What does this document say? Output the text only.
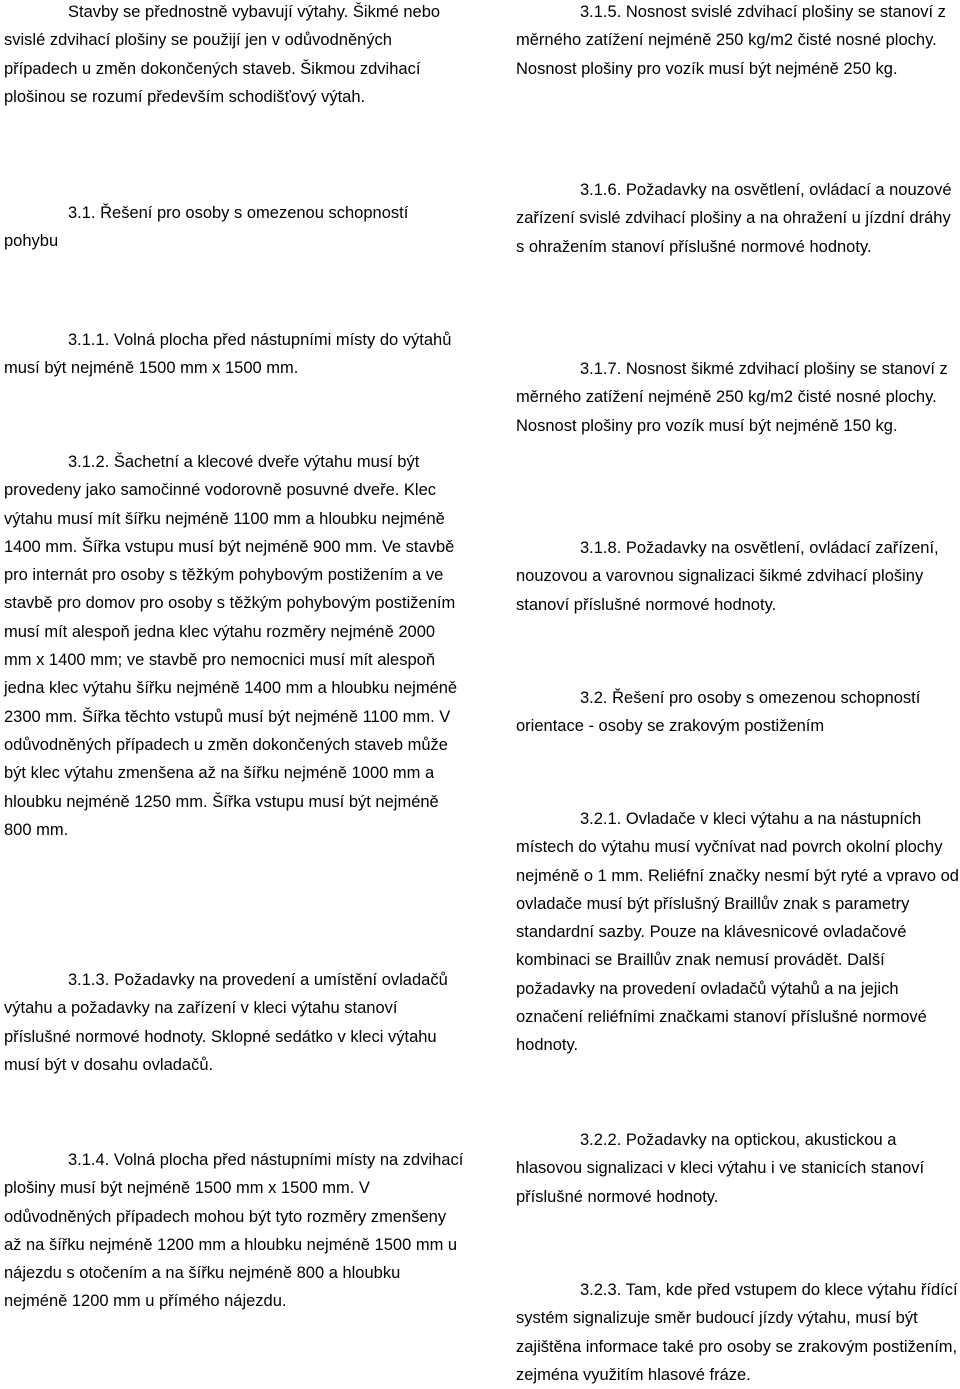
Stavby se přednostně vybavují výtahy. Šikmé nebo svislé zdvihací plošiny se použijí jen v odůvodněných případech u změn dokončených staveb. Šikmou zdvihací plošinou se rozumí především schodišťový výtah.

3.1. Řešení pro osoby s omezenou schopností
pohybu

3.1.1. Volná plocha před nástupními místy do výtahů musí být nejméně 1500 mm x 1500 mm.

3.1.2. Šachetní a klecové dveře výtahu musí být provedeny jako samočinné vodorovně posuvné dveře. Klec výtahu musí mít šířku nejméně 1100 mm a hloubku nejméně 1400 mm. Šířka vstupu musí být nejméně 900 mm. Ve stavbě pro internát pro osoby s těžkým pohybovým postižením a ve stavbě pro domov pro osoby s těžkým pohybovým postižením musí mít alespoň jedna klec výtahu rozměry nejméně 2000 mm x 1400 mm; ve stavbě pro nemocnici musí mít alespoň jedna klec výtahu šířku nejméně 1400 mm a hloubku nejméně 2300 mm. Šířka těchto vstupů musí být nejméně 1100 mm. V odůvodněných případech u změn dokončených staveb může být klec výtahu zmenšena až na šířku nejméně 1000 mm a hloubku nejméně 1250 mm. Šířka vstupu musí být nejméně 800 mm.

3.1.3. Požadavky na provedení a umístění ovladačů výtahu a požadavky na zařízení v kleci výtahu stanoví příslušné normové hodnoty. Sklopné sedátko v kleci výtahu musí být v dosahu ovladačů.

3.1.4. Volná plocha před nástupními místy na zdvihací plošiny musí být nejméně 1500 mm x 1500 mm. V odůvodněných případech mohou být tyto rozměry zmenšeny až na šířku nejméně 1200 mm a hloubku nejméně 1500 mm u nájezdu s otočením a na šířku nejméně 800 a hloubku nejméně 1200 mm u přímého nájezdu.

3.1.5. Nosnost svislé zdvihací plošiny se stanoví z měrného zatížení nejméně 250 kg/m2 čisté nosné plochy. Nosnost plošiny pro vozík musí být nejméně 250 kg.

3.1.6. Požadavky na osvětlení, ovládací a nouzové zařízení svislé zdvihací plošiny a na ohražení u jízdní dráhy s ohražením stanoví příslušné normové hodnoty.

3.1.7. Nosnost šikmé zdvihací plošiny se stanoví z měrného zatížení nejméně 250 kg/m2 čisté nosné plochy. Nosnost plošiny pro vozík musí být nejméně 150 kg.

3.1.8. Požadavky na osvětlení, ovládací zařízení, nouzovou a varovnou signalizaci šikmé zdvihací plošiny stanoví příslušné normové hodnoty.

3.2. Řešení pro osoby s omezenou schopností orientace - osoby se zrakovým postižením

3.2.1. Ovladače v kleci výtahu a na nástupních místech do výtahu musí vyčnívat nad povrch okolní plochy nejméně o 1 mm. Reliéfní značky nesmí být ryté a vpravo od ovladače musí být příslušný Braillův znak s parametry standardní sazby. Pouze na klávesnicové ovladačové kombinaci se Braillův znak nemusí provádět. Další požadavky na provedení ovladačů výtahů a na jejich označení reliéfními značkami stanoví příslušné normové hodnoty.

3.2.2. Požadavky na optickou, akustickou a hlasovou signalizaci v kleci výtahu i ve stanicích stanoví příslušné normové hodnoty.

3.2.3. Tam, kde před vstupem do klece výtahu řídící systém signalizuje směr budoucí jízdy výtahu, musí být zajištěna informace také pro osoby se zrakovým postižením, zejména využitím hlasové fráze.
